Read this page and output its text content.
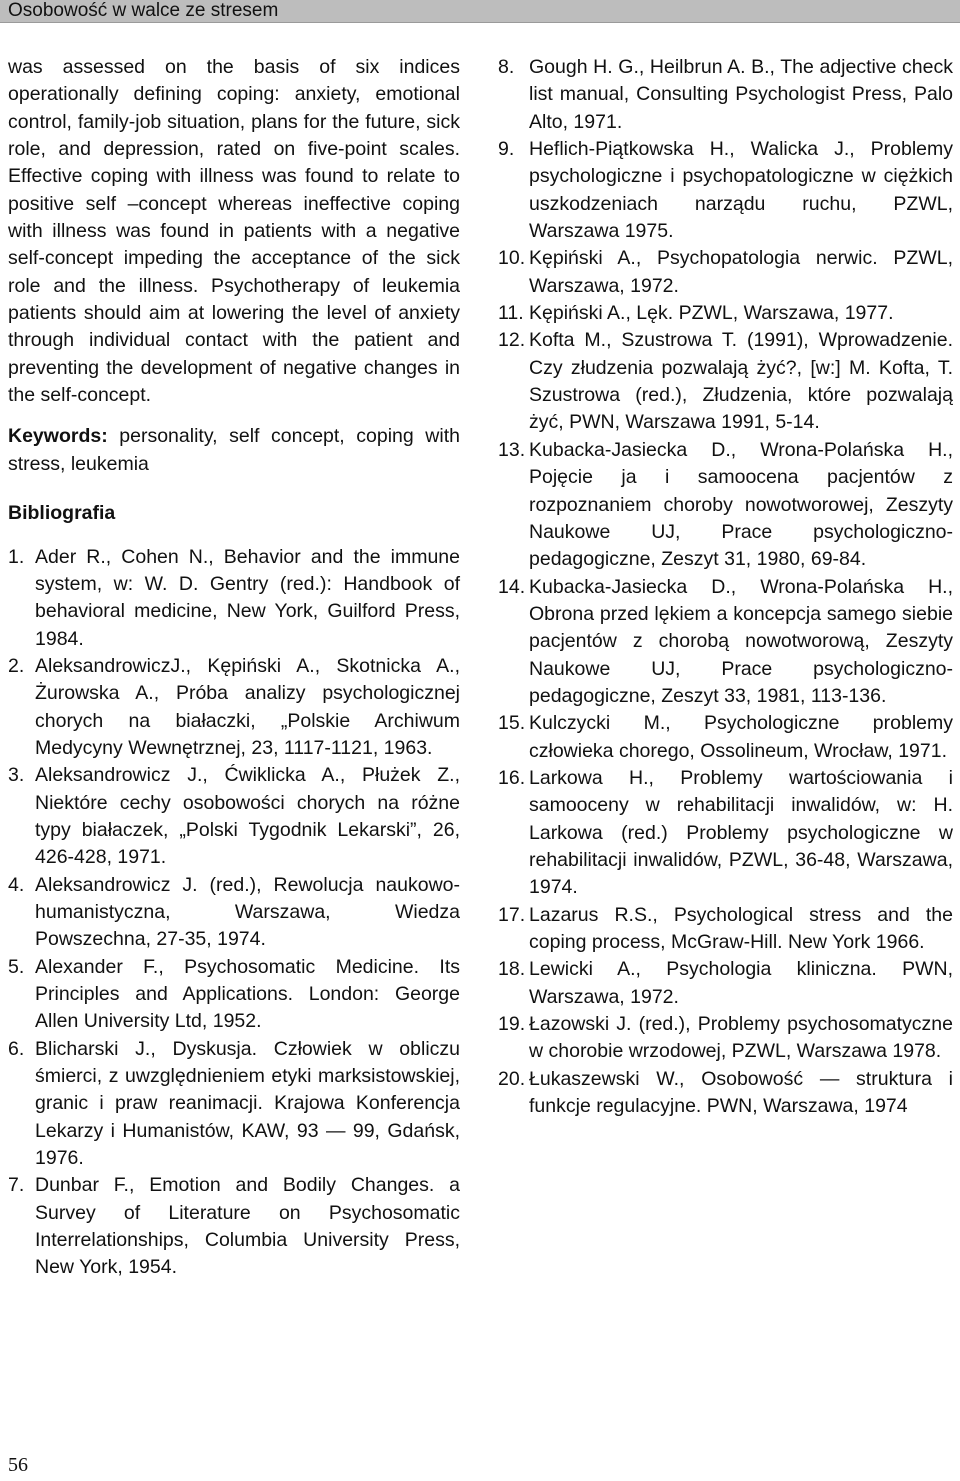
Osobowość w walce ze stresem

was assessed on the basis of six indices operationally defining coping: anxiety, emotional control, family-job situation, plans for the future, sick role, and depression, rated on five-point scales. Effective coping with illness was found to relate to positive self –concept whereas ineffective coping with illness was found in patients with a negative self-concept impeding the acceptance of the sick role and the illness. Psychotherapy of leukemia patients should aim at lowering the level of anxiety through individual contact with the patient and preventing the development of negative changes in the self-concept.

Keywords: personality, self concept, coping with stress, leukemia

Bibliografia

1. Ader R., Cohen N., Behavior and the immune system, w: W. D. Gentry (red.): Handbook of behavioral medicine, New York, Guilford Press, 1984.
2. AleksandrowiczJ., Kępiński A., Skotnicka A., Żurowska A., Próba analizy psychologicznej chorych na białaczki, „Polskie Archiwum Medycyny Wewnętrznej, 23, 1117-1121, 1963.
3. Aleksandrowicz J., Ćwiklicka A., Płużek Z., Niektóre cechy osobowości chorych na różne typy białaczek, „Polski Tygodnik Lekarski”, 26, 426-428, 1971.
4. Aleksandrowicz J. (red.), Rewolucja naukowo-humanistyczna, Warszawa, Wiedza Powszechna, 27-35, 1974.
5. Alexander F., Psychosomatic Medicine. Its Principles and Applications. London: George Allen University Ltd, 1952.
6. Blicharski J., Dyskusja. Człowiek w obliczu śmierci, z uwzględnieniem etyki marksistowskiej, granic i praw reanimacji. Krajowa Konferencja Lekarzy i Humanistów, KAW, 93 — 99, Gdańsk, 1976.
7. Dunbar F., Emotion and Bodily Changes. a Survey of Literature on Psychosomatic Interrelationships, Columbia University Press, New York, 1954.
8. Gough H. G., Heilbrun A. B., The adjective check list manual, Consulting Psychologist Press, Palo Alto, 1971.
9. Heflich-Piątkowska H., Walicka J., Problemy psychologiczne i psychopatologiczne w ciężkich uszkodzeniach narządu ruchu, PZWL, Warszawa 1975.
10. Kępiński A., Psychopatologia nerwic. PZWL, Warszawa, 1972.
11. Kępiński A., Lęk. PZWL, Warszawa, 1977.
12. Kofta M., Szustrowa T. (1991), Wprowadzenie. Czy złudzenia pozwalają żyć?, [w:] M. Kofta, T. Szustrowa (red.), Złudzenia, które pozwalają żyć, PWN, Warszawa 1991, 5-14.
13. Kubacka-Jasiecka D., Wrona-Polańska H., Pojęcie ja i samoocena pacjentów z rozpoznaniem choroby nowotworowej, Zeszyty Naukowe UJ, Prace psychologiczno-pedagogiczne, Zeszyt 31, 1980, 69-84.
14. Kubacka-Jasiecka D., Wrona-Polańska H., Obrona przed lękiem a koncepcja samego siebie pacjentów z chorobą nowotworową, Zeszyty Naukowe UJ, Prace psychologiczno-pedagogiczne, Zeszyt 33, 1981, 113-136.
15. Kulczycki M., Psychologiczne problemy człowieka chorego, Ossolineum, Wrocław, 1971.
16. Larkowa H., Problemy wartościowania i samooceny w rehabilitacji inwalidów, w: H. Larkowa (red.) Problemy psychologiczne w rehabilitacji inwalidów, PZWL, 36-48, Warszawa, 1974.
17. Lazarus R.S., Psychological stress and the coping process, McGraw-Hill. New York 1966.
18. Lewicki A., Psychologia kliniczna. PWN, Warszawa, 1972.
19. Łazowski J. (red.), Problemy psychosomatyczne w chorobie wrzodowej, PZWL, Warszawa 1978.
20. Łukaszewski W., Osobowość — struktura i funkcje regulacyjne. PWN, Warszawa, 1974
56
